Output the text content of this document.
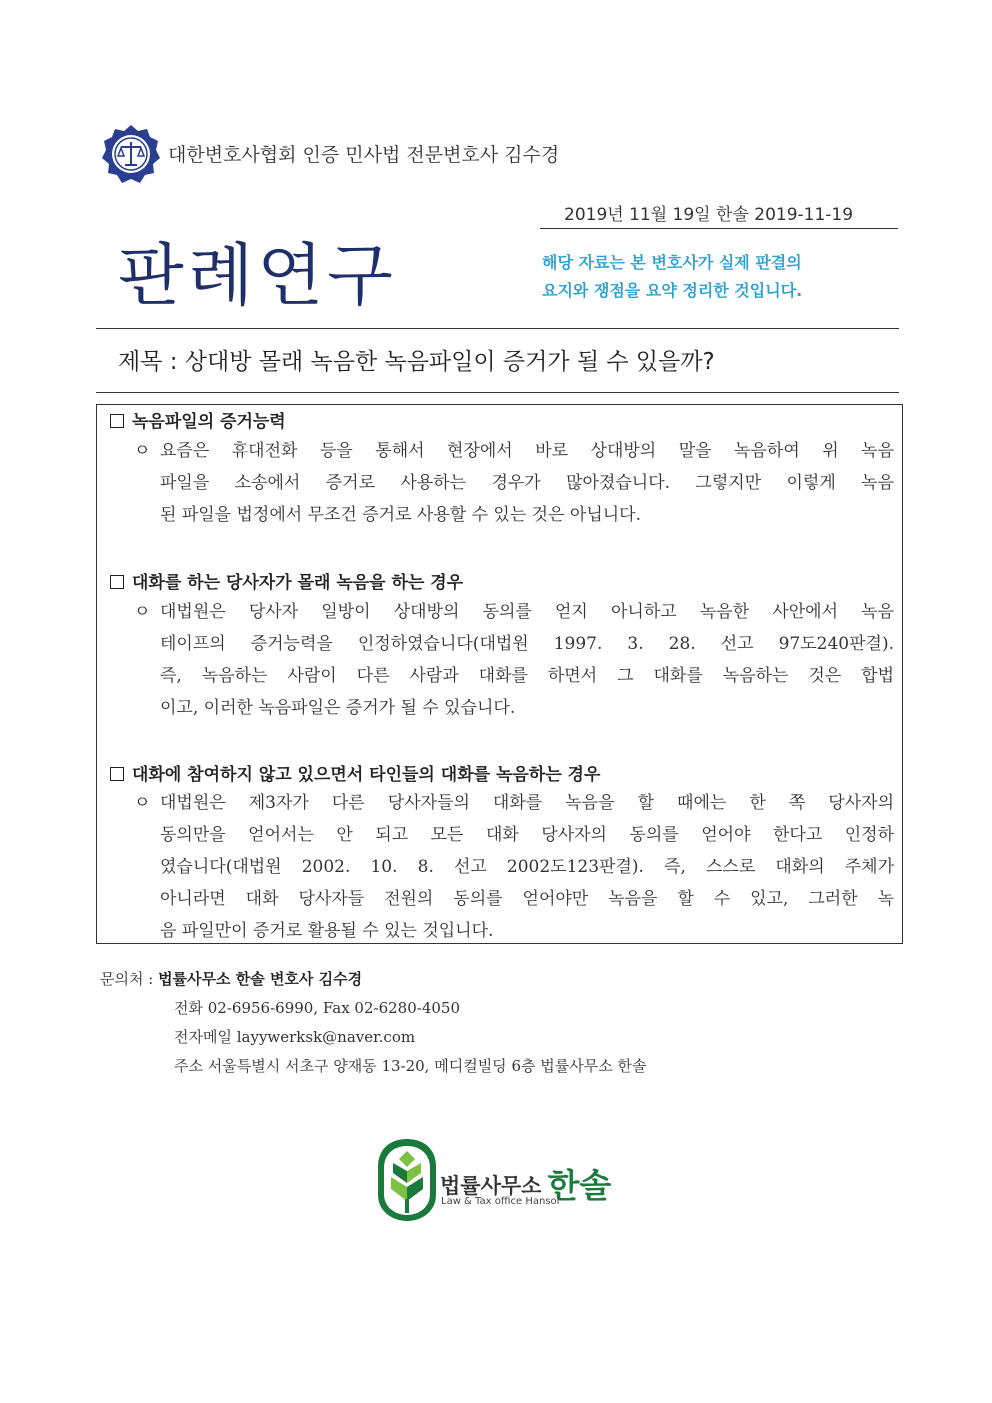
대한변호사협회 인증 민사법 전문변호사 김수경
2019년 11월 19일 한솔 2019-11-19
판례연구	해당 자료는 본 변호사가 실제 판결의
요지와 쟁점을 요약 정리한 것입니다.
제목 : 상대방 몰래 녹음한 녹음파일이 증거가 될 수 있을까?
녹음파일의 증거능력
ㅇ 요즘은 휴대전화 등을 통해서 현장에서 바로 상대방의 말을 녹음하여 위 녹음
파일을 소송에서 증거로 사용하는 경우가 많아졌습니다. 그렇지만 이렇게 녹음
된 파일을 법정에서 무조건 증거로 사용할 수 있는 것은 아닙니다.
대화를 하는 당사자가 몰래 녹음을 하는 경우
ㅇ 대법원은 당사자 일방이 상대방의 동의를 얻지 아니하고 녹음한 사안에서 녹음
테이프의 증거능력을 인정하였습니다(대법원 1997. 3. 28. 선고 97도240판결).
즉, 녹음하는 사람이 다른 사람과 대화를 하면서 그 대화를 녹음하는 것은 합법
이고, 이러한 녹음파일은 증거가 될 수 있습니다.
대화에 참여하지 않고 있으면서 타인들의 대화를 녹음하는 경우
ㅇ 대법원은 제3자가 다른 당사자들의 대화를 녹음을 할 때에는 한 쪽 당사자의
동의만을 얻어서는 안 되고 모든 대화 당사자의 동의를 얻어야 한다고 인정하
였습니다(대법원 2002. 10. 8. 선고 2002도123판결). 즉, 스스로 대화의 주체가
아니라면 대화 당사자들 전원의 동의를 얻어야만 녹음을 할 수 있고, 그러한 녹
음 파일만이 증거로 활용될 수 있는 것입니다.
문의처 : 법률사무소 한솔 변호사 김수경
전화 02-6956-6990, Fax 02-6280-4050
전자메일 layywerksk@naver.com
주소 서울특별시 서초구 양재동 13-20, 메디컬빌딩 6층 법률사무소 한솔
법률사무소 한솔
Law & Tax office Hansol
